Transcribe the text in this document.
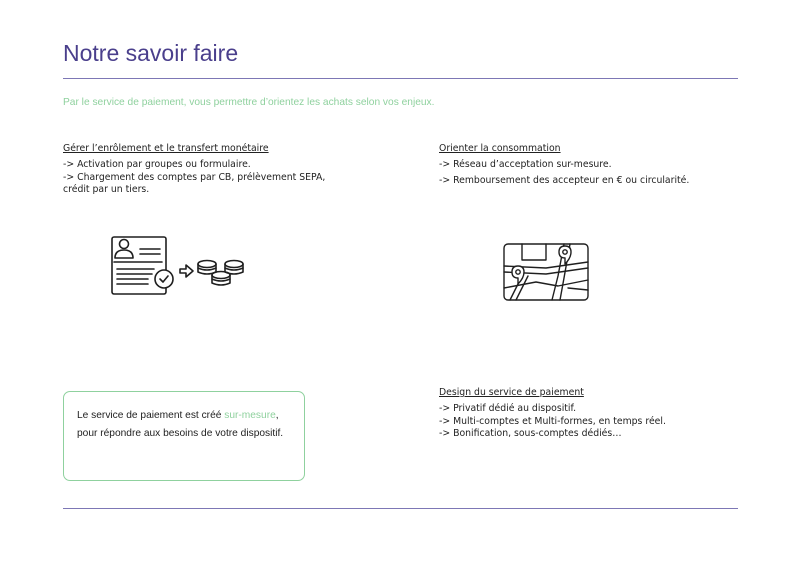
Notre savoir faire
Par le service de paiement, vous permettre d’orientez les achats selon vos enjeux.
Gérer l’enrôlement et le transfert monétaire
-> Activation par groupes ou formulaire.
-> Chargement des comptes par CB, prélèvement SEPA,
crédit par un tiers.
Orienter la consommation
-> Réseau d’acceptation sur-mesure.
-> Remboursement des accepteur en € ou circularité.
Le service de paiement est créé sur-mesure, pour répondre aux besoins de votre dispositif.
Design du service de paiement
-> Privatif dédié au dispositif.
-> Multi-comptes et Multi-formes, en temps réel.
-> Bonification, sous-comptes dédiés…
